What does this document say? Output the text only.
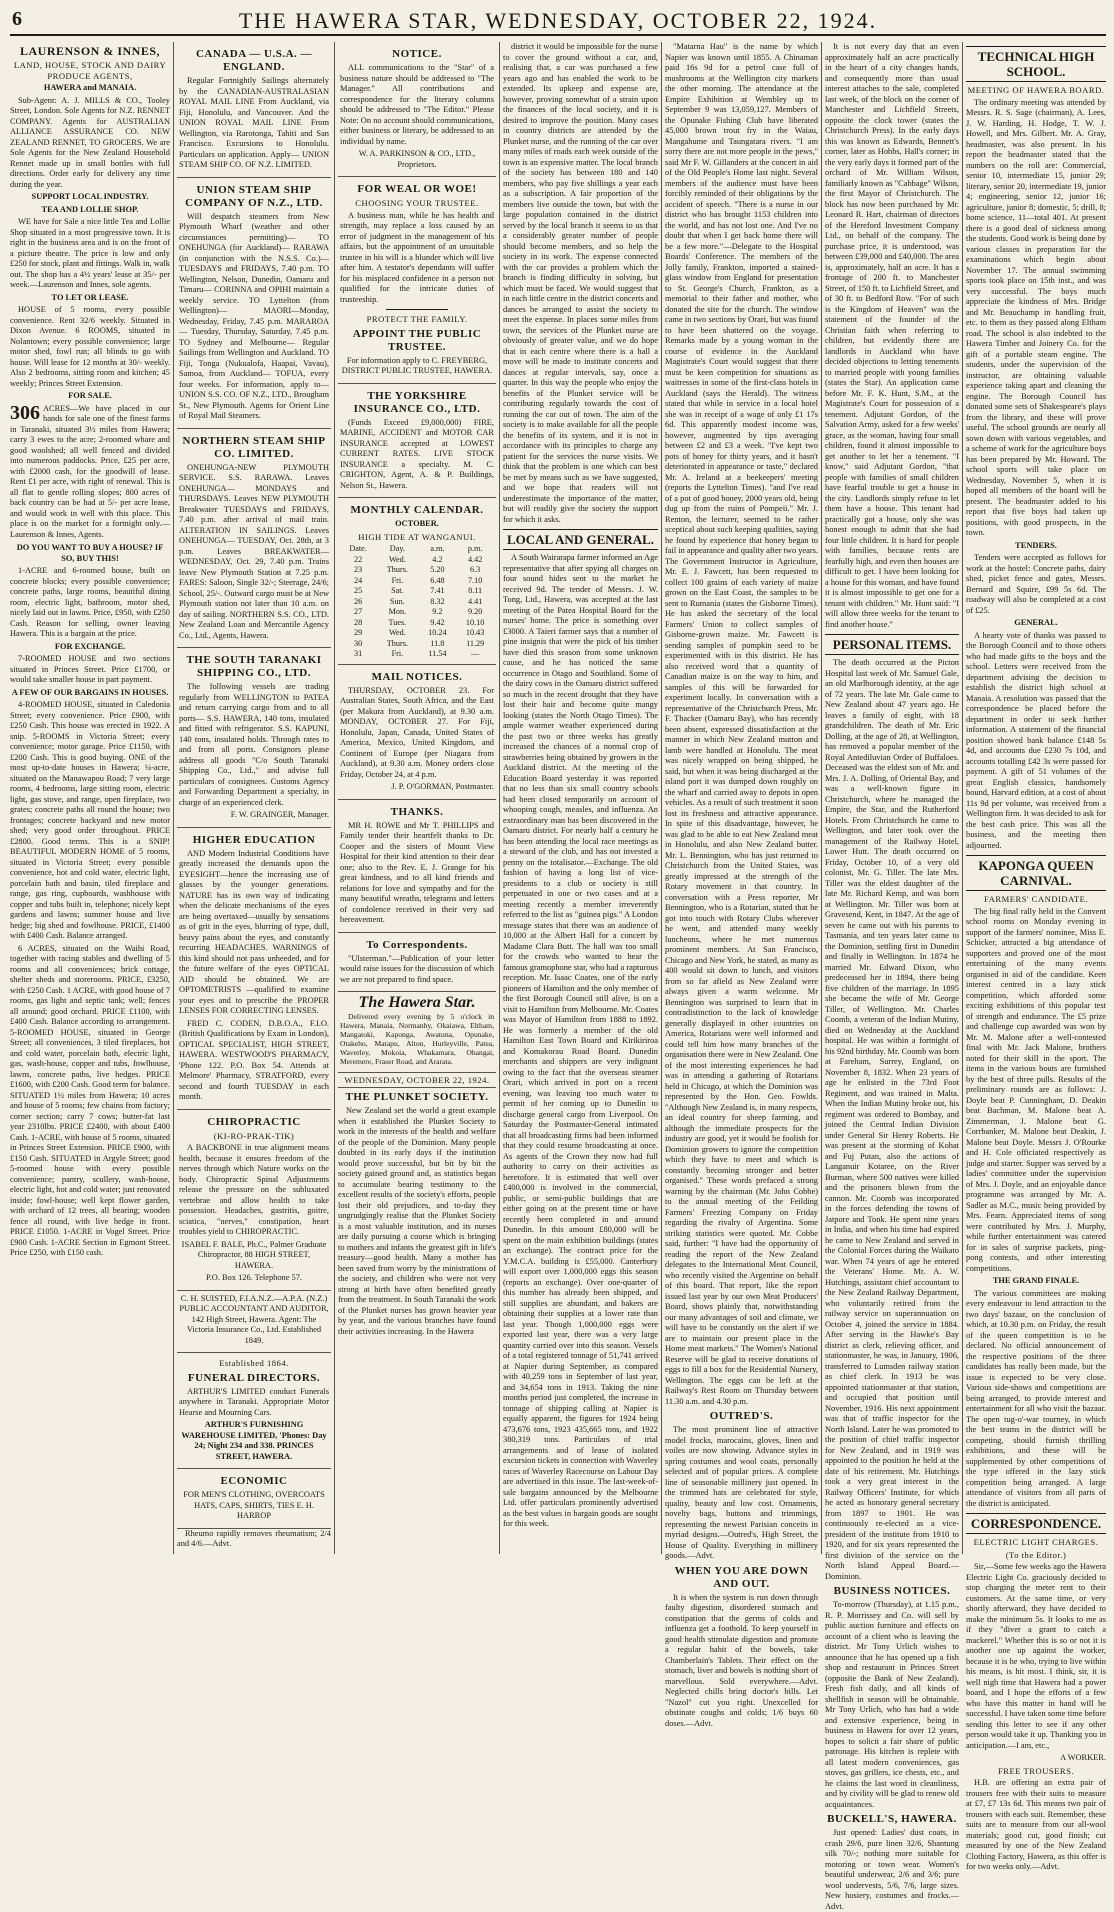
6	THE HAWERA STAR, WEDNESDAY, OCTOBER 22, 1924.
LAURENSON & INNES,
LAND, HOUSE, STOCK AND DAIRY PRODUCE AGENTS,
HAWERA and MANAIA.

Sub-Agent: A. J. MILLS & CO., Tooley Street, London. Sole Agents for N.Z. RENNET COMPANY. Agents for AUSTRALIAN ALLIANCE ASSURANCE CO. NEW ZEALAND RENNET, TO GROCERS. We are Sole Agents for the New Zealand Household Rennet made up in small bottles with full directions. Order early for delivery any time during the year.

SUPPORT LOCAL INDUSTRY.
TEA AND LOLLIE SHOP.

WE have for Sale a nice little Tea and Lollie Shop situated in a most progressive town. It is right in the business area and is on the front of a picture theatre. The price is low and only £250 for stock, plant and fittings. Walk in, walk out. The shop has a 4½ years' lease at 35/- per week.—Laurenson and Innes, sole agents.

TO LET OR LEASE.

HOUSE of 5 rooms, every possible convenience. Rent 32/6 weekly. Situated in Dixon Avenue. 6 ROOMS, situated in Nolantown; every possible convenience; large motor shed, fowl run; all blinds to go with house. Will lease for 12 months at 30/- weekly. Also 2 bedrooms, sitting room and kitchen; 45 weekly; Princes Street Extension.

FOR SALE.
306 ACRES—We have placed in our hands for sale one of the finest farms in Taranaki, situated 3½ miles from Hawera; carry 3 ewes to the acre; 2-roomed whare and good woolshed; all well fenced and divided into numerous paddocks. Price, £25 per acre, with £2000 cash, for the goodwill of lease. Rent £1 per acre, with right of renewal. This is all flat to gentle rolling slopes; 800 acres of back country can be had at 5/- per acre lease, and would work in well with this place. This place is on the market for a fortnight only.—Laurenson & Innes, Agents.
DO YOU WANT TO BUY A HOUSE? IF SO, BUY THIS!

1-ACRE and 6-roomed house, built on concrete blocks; every possible convenience; concrete paths, large rooms, beautiful dining room, electric light, bathroom, motor shed, nicely laid out in lawns. Price, £950, with £250 Cash. Reason for selling, owner leaving Hawera. This is a bargain at the price.

FOR EXCHANGE.

7-ROOMED HOUSE and two sections situated in Princes Street. Price £1700, or would take smaller house in part payment.

A FEW OF OUR BARGAINS IN HOUSES.

4-ROOMED HOUSE, situated in Caledonia Street; every convenience. Price £900, with £250 Cash. This house was erected in 1922. A snip. 5-ROOMS in Victoria Street; every convenience; motor garage. Price £1150, with £200 Cash. This is good buying. ONE of the most up-to-date houses in Hawera; ¼-acre, situated on the Manawapou Road; 7 very large rooms, 4 bedrooms, large sitting room, electric light, gas stove, and range, open fireplace, two grates; concrete paths all round the house; two frontages; concrete backyard and new motor shed; very good order throughout. PRICE £2800. Good terms. This is a SNIP! BEAUTIFUL MODERN HOME of 5 rooms, situated in Victoria Street; every possible convenience, hot and cold water, electric light, porcelain bath and basin, tiled fireplace and range, gas ring, cupboards, washhouse with copper and tubs built in, telephone; nicely kept gardens and lawns; summer house and live hedge; big shed and fowlhouse. PRICE, £1400 with £400 Cash. Balance arranged.

6 ACRES, situated on the Waihi Road, together with racing stables and dwelling of 5 rooms and all conveniences; brick cottage, shelter sheds and storerooms. PRICE, £3250, with £250 Cash. 1 ACRE, with good house of 7 rooms, gas light and septic tank; well; fences all around; good orchard. PRICE £1100, with £400 Cash. Balance according to arrangement. 5-ROOMED HOUSE, situated in George Street; all conveniences, 3 tiled fireplaces, hot and cold water, porcelain bath, electric light, gas, wash-house, copper and tubs, fowlhouse, lawns, concrete paths, live hedges. PRICE £1600, with £200 Cash. Good term for balance. SITUATED 1½ miles from Hawera; 10 acres and house of 5 rooms; few chains from factory; corner section; carry 7 cows; butter-fat last year 2310lbs. PRICE £2400, with about £400 Cash. 1-ACRE, with house of 5 rooms, situated in Princes Street Extension. PRICE £900, with £150 Cash. SITUATED in Argyle Street; good 5-roomed house with every possible convenience; pantry, scullery, wash-house, electric light, hot and cold water; just renovated inside; fowl-house; well kept flower garden, with orchard of 12 trees, all bearing; wooden fence all round, with live hedge in front. PRICE £1050. 1-ACRE in Vogel Street. Price £900 Cash. 1-ACRE Section in Egmont Street. Price £250, with £150 cash.

CANADA — U.S.A. — ENGLAND.

Regular Fortnightly Sailings alternately by the CANADIAN-AUSTRALASIAN ROYAL MAIL LINE From Auckland, via Fiji, Honolulu, and Vancouver. And the UNION ROYAL MAIL LINE From Wellington, via Rarotonga, Tahiti and San Francisco. Excursions to Honolulu. Particulars on application. Apply— UNION STEAM SHIP CO. OF N.Z. LIMITED.

UNION STEAM SHIP COMPANY OF N.Z., LTD.

Will despatch steamers from New Plymouth Wharf (weather and other circumstances permitting)— TO ONEHUNGA (for Auckland)— RARAWA (in conjunction with the N.S.S. Co.)— TUESDAYS and FRIDAYS, 7.40 p.m. TO Wellington, Nelson, Dunedin, Oamaru and Timaru— CORINNA and OPIHI maintain a weekly service. TO Lyttelton (from Wellington)— MAORI—Monday, Wednesday, Friday, 7.45 p.m. MARAROA — Tuesday, Thursday, Saturday, 7.45 p.m. TO Sydney and Melbourne— Regular Sailings from Wellington and Auckland. TO Fiji, Tonga (Nukualofa, Haapai, Vavau), Samoa, from Auckland— TOFUA, every four weeks. For information, apply to— UNION S.S. CO. OF N.Z., LTD., Brougham St., New Plymouth. Agents for Orient Line of Royal Mail Steamers.

NORTHERN STEAM SHIP CO. LIMITED.

ONEHUNGA-NEW PLYMOUTH SERVICE. S.S. RARAWA. Leaves ONEHUNGA— MONDAYS and THURSDAYS. Leaves NEW PLYMOUTH Breakwater TUESDAYS and FRIDAYS, 7.40 p.m. after arrival of mail train. ALTERATION IN SAILINGS. Leaves ONEHUNGA— TUESDAY, Oct. 28th, at 3 p.m. Leaves BREAKWATER— WEDNESDAY, Oct. 29, 7.40 p.m. Trains leave New Plymouth Station at 7.25 p.m. FARES: Saloon, Single 32/-; Steerage, 24/6; School, 25/-. Outward cargo must be at New Plymouth station not later than 10 a.m. on day of sailing. NORTHERN S.S. CO., LTD. New Zealand Loan and Mercantile Agency Co., Ltd., Agents, Hawera.

THE SOUTH TARANAKI SHIPPING CO., LTD.

The following vessels are trading regularly from WELLINGTON to PATEA and return carrying cargo from and to all ports— S.S. HAWERA, 140 tons, insulated and fitted with refrigerator. S.S. KAPUNI, 140 tons, insulated holds. Through rates to and from all ports. Consignors please address all goods "C/o South Taranaki Shipping Co., Ltd.," and advise full particulars of consignees. Customs Agency and Forwarding Department a specialty, in charge of an experienced clerk.

F. W. GRAINGER, Manager.

HIGHER EDUCATION

AND Modern Industrial Conditions have greatly increased the demands upon the EYESIGHT—hence the increasing use of glasses by the younger generations. NATURE has its own way of indicating when the delicate mechanisms of the eyes are being overtaxed—usually by sensations as of grit in the eyes, blurring of type, dull, heavy pains about the eyes, and constantly recurring HEADACHES. WARNINGS of this kind should not pass unheeded, and for the future welfare of the eyes OPTICAL AID should be obtained. We are OPTOMETRISTS —qualified to examine your eyes and to prescribe the PROPER LENSES FOR CORRECTING LENSES.

FRED C. CODEN, D.B.O.A., F.I.O. (British Qualifications by Exam in London), OPTICAL SPECIALIST, HIGH STREET, HAWERA. WESTWOOD'S PHARMACY, 'Phone 122. P.O. Box 54. Attends at Melmore' Pharmacy, STRATFORD, every second and fourth TUESDAY in each month.

CHIROPRACTIC
(KI-RO-PRAK-TIK)

A BACKBONE in true alignment means health, because it ensures freedom of the nerves through which Nature works on the body. Chiropractic Spinal Adjustments release the pressure on the subluxated vertebrae and allow health to take possession. Headaches, gastritis, goitre, sciatica, "nerves," constipation, heart troubles yield to CHIROPRACTIC.

ISABEL F. BALE, Ph.C., Palmer Graduate Chiropractor, 88 HIGH STREET, HAWERA.

P.O. Box 126. Telephone 57.

C. H. SUISTED, F.I.A.N.Z.—A.P.A. (N.Z.) PUBLIC ACCOUNTANT AND AUDITOR, 142 High Street, Hawera. Agent: The Victoria Insurance Co., Ltd. Established 1849.

Established 1864.
FUNERAL DIRECTORS.

ARTHUR'S LIMITED conduct Funerals anywhere in Taranaki. Appropriate Motor Hearse and Mourning Cars.

ARTHUR'S FURNISHING WAREHOUSE LIMITED, 'Phones: Day 24; Night 234 and 338. PRINCES STREET, HAWERA.

ECONOMIC

FOR MEN'S CLOTHING, OVERCOATS HATS, CAPS, SHIRTS, TIES E. H. HARROP

Rheumo rapidly removes rheumatism; 2/4 and 4/6.—Advt.

NOTICE.

ALL communications to the "Star" of a business nature should be addressed to "The Manager." All contributions and correspondence for the literary columns should be addressed to "The Editor." Please Note: On no account should communications, either business or literary, be addressed to an individual by name.

W. A. PARKINSON & CO., LTD., Proprietors.

FOR WEAL OR WOE!
CHOOSING YOUR TRUSTEE.

A business man, while he has health and strength, may replace a loss caused by an error of judgment in the management of his affairs, but the appointment of an unsuitable trustee in his will is a blunder which will live after him. A testator's dependants will suffer for his misplaced confidence in a person not qualified for the intricate duties of trusteeship.

PROTECT THE FAMILY.
APPOINT THE PUBLIC TRUSTEE.

For information apply to C. FREYBERG, DISTRICT PUBLIC TRUSTEE, HAWERA.

THE YORKSHIRE INSURANCE CO., LTD.

(Funds Exceed £9,000,000) FIRE, MARINE, ACCIDENT and MOTOR CAR INSURANCE accepted at LOWEST CURRENT RATES. LIVE STOCK INSURANCE a specialty. M. C. CRIGHTON, Agent, A. & P. Buildings, Nelson St., Hawera.

MONTHLY CALENDAR.
OCTOBER.
HIGH TIDE AT WANGANUI.
Date.	Day.	a.m.	p.m.
22	Wed.	4.2	4.42
23	Thurs.	5.20	6.3
24	Fri.	6.48	7.10
25	Sat.	7.41	8.11
26	Sun.	8.32	4.41
27	Mon.	9.2	9.20
28	Tues.	9.42	10.10
29	Wed.	10.24	10.43
30	Thurs.	11.8	11.29
31	Fri.	11.54	—
MAIL NOTICES.

THURSDAY, OCTOBER 23. For Australian States, South Africa, and the East (per Makura from Auckland), at 9.30 a.m. MONDAY, OCTOBER 27. For Fiji, Honolulu, Japan, Canada, United States of America, Mexico, United Kingdom, and Continent of Europe (per Niagara from Auckland), at 9.30 a.m. Money orders close Friday, October 24, at 4 p.m.

J. P. O'GORMAN, Postmaster.

THANKS.

MR H. ROWE and Mr T. PHILLIPS and Family tender their heartfelt thanks to Dr. Cooper and the sisters of Mount View Hospital for their kind attention to their dear one; also to the Rev. E. J. Grange for his great kindness, and to all kind friends and relations for love and sympathy and for the many beautiful wreaths, telegrams and letters of condolence received in their very sad bereavement.

To Correspondents.

"Ulsterman."—Publication of your letter would raise issues for the discussion of which we are not prepared to find space.

The Hawera Star.

Delivered every evening by 5 o'clock in Hawera, Manaia, Normanby, Okaiawa, Eltham, Mangatoki, Kaponga, Awatuna, Opunake, Otakeho, Matapu, Alton, Hurleyville, Patea, Waverley, Mokoia, Whakamara, Ohangai, Meremere, Fraser Road, and Ararata.

WEDNESDAY, OCTOBER 22, 1924.
THE PLUNKET SOCIETY.

New Zealand set the world a great example when it established the Plunket Society to work in the interests of the health and welfare of the people of the Dominion. Many people doubted in its early days if the institution would prove successful, but bit by bit the society gained ground and, as statistics began to accumulate bearing testimony to the excellent results of the society's efforts, people lost their old prejudices, and to-day they ungrudgingly realise that the Plunket Society is a most valuable institution, and its nurses are daily pursuing a course which is bringing to mothers and infants the greatest gift in life's treasury—good health. Many a mother has been saved from worry by the ministrations of the society, and children who were not very strong at birth have often benefited greatly from the treatment. In South Taranaki the work of the Plunket nurses has grown heavier year by year, and the various branches have found their activities increasing. In the Hawera

district it would be impossible for the nurse to cover the ground without a car, and, realising that, a car was purchased a few years ago and has enabled the work to be extended. Its upkeep and expense are, however, proving somewhat of a strain upon the finances of the local society, and it is desired to improve the position. Many cases in country districts are attended by the Plunket nurse, and the running of the car over many miles of roads each week outside of the town is an expensive matter. The local branch of the society has between 180 and 140 members, who pay five shillings a year each as a subscription. A fair proportion of the members live outside the town, but with the large population contained in the district served by the local branch it seems to us that a considerably greater number of people should become members, and so help the society in its work. The expense connected with the car provides a problem which the branch is finding difficulty in solving, but which must be faced. We would suggest that in each little centre in the district concerts and dances be arranged to assist the society to meet the expense. In places some miles from town, the services of the Plunket nurse are obviously of greater value, and we do hope that in each centre where there is a hall a move will be made to institute concerts and dances at regular intervals, say, once a quarter. In this way the people who enjoy the benefits of the Plunket service will be contributing regularly towards the cost of running the car out of town. The aim of the society is to make available for all the people the benefits of its system, and it is not in accordance with its principles to charge any patient for the services the nurse visits. We think that the problem is one which can best be met by means such as we have suggested, and we hope that readers will not underestimate the importance of the matter, but will readily give the society the support for which it asks.

LOCAL AND GENERAL.

A South Wairarapa farmer informed an Age representative that after spying all charges on four sound hides sent to the market he received 9d. The tender of Messrs. J. W. Tong, Ltd., Hawera, was accepted at the last meeting of the Patea Hospital Board for the nurses' home. The price is something over £3000. A Taieri farmer says that a number of pine insignis that were the pick of his timber have died this season from some unknown cause, and he has noticed the same occurrence in Otago and Southland. Some of the dairy cows in the Oamaru district suffered so much in the recent drought that they have lost their hair and become quite mangy looking (states the North Otago Times). The ample warmer weather experienced during the past two or three weeks has greatly increased the chances of a normal crop of strawberries being obtained by growers in the Auckland district. At the meeting of the Education Board yesterday it was reported that no less than six small country schools had been closed temporarily on account of whooping cough, measles, and influenza. An extraordinary man has been discovered in the Oamaru district. For nearly half a century he has been attending the local race meetings as a steward of the club, and has not invested a penny on the totalisator.—Exchange. The old fashion of having a long list of vice-presidents to a club or society is still perpetuated in one or two cases and at a meeting recently a member irreverently referred to the list as "guinea pigs." A London message states that there was an audience of 10,000 at the Albert Hall for a concert by Madame Clara Butt. The hall was too small for the crowds who wanted to hear the famous gramophone star, who had a rapturous reception. Mr. Isaac Coates, one of the early pioneers of Hamilton and the only member of the first Borough Council still alive, is on a visit to Hamilton from Melbourne. Mr. Coates was Mayor of Hamilton from 1888 to 1892. He was formerly a member of the old Hamilton East Town Board and Kirikiriroa and Komakorau Road Board. Dunedin merchants and shippers are very indignant owing to the fact that the overseas steamer Orari, which arrived in port on a recent evening, was leaving too much water to permit of her coming up to Dunedin to discharge general cargo from Liverpool. On Saturday the Postmaster-General intimated that all broadcasting firms had been informed that they could resume broadcasting at once. As agents of the Crown they now had full authority to carry on their activities as heretofore. It is estimated that well over £400,000 is involved in the commercial, public, or semi-public buildings that are either going on at the present time or have recently been completed in and around Dunedin. In this amount £80,000 will be spent on the main exhibition buildings (states an exchange). The contract price for the Y.M.C.A. building is £55,000. Canterbury will export over 1,000,000 eggs this season (reports an exchange). Over one-quarter of this number has already been shipped, and still supplies are abundant, and bakers are obtaining their supplies at a lower rate than last year. Though 1,000,000 eggs were exported last year, there was a very large quantity carried over into this season. Vessels of a total registered tonnage of 51,741 arrived at Napier during September, as compared with 40,259 tons in September of last year, and 34,654 tons in 1913. Taking the nine months period just completed, the increase in tonnage of shipping calling at Napier is equally apparent, the figures for 1924 being 473,676 tons, 1923 435,665 tons, and 1922 380,319 tons. Particulars of trial arrangements and of lease of isolated excursion tickets in connection with Waverley races of Waverley Racecourse on Labour Day are advertised in this issue. The last-week-of-sale bargains announced by the Melbourne Ltd. offer particulars prominently advertised as the best values in bargain goods are sought for this week.

"Matarna Hau" is the name by which Napier was known until 1855. A Chinaman paid 16s 9d for a petrol case full of mushrooms at the Wellington city markets the other morning. The attendance at the Empire Exhibition at Wembley up to September 9 was 13,059,127. Members of the Opunake Fishing Club have liberated 45,000 brown trout fry in the Waiau, Mangahume and Taungatara rivers. "I am sorry there are not more people in the pews," said Mr F. W. Gillanders at the concert in aid of the Old People's Home last night. Several members of the audience must have been forcibly reminded of their obligations by the accident of speech. "There is a nurse in our district who has brought 1153 children into the world, and has not lost one. And I've no doubt that when I get back home there will be a few more."—Delegate to the Hospital Boards' Conference. The members of the Jolly family, Frankton, imported a stained-glass window from England for presentation to St. George's Church, Frankton, as a memorial to their father and mother, who donated the site for the church. The window came in two sections by Orari, but was found to have been shattered on the voyage. Remarks made by a young woman in the course of evidence in the Auckland Magistrate's Court would suggest that there must be keen competition for situations as waitresses in some of the first-class hotels in Auckland (says the Herald). The witness stated that while in service in a local hotel she was in receipt of a wage of only £1 17s 6d. This apparently modest income was, however, augmented by tips averaging between £2 and £3 a week. "I've kept two pots of honey for thirty years, and it hasn't deteriorated in appearance or taste," declared Mr. A. Ireland at a beekeepers' meeting (reports the Lyttelton Times). "and I've read of a pot of good honey, 2000 years old, being dug up from the ruins of Pompeii." Mr. J. Renton, the lecturer, seemed to be rather sceptical about such keeping qualities, saying he found by experience that honey began to fail in appearance and quality after two years. The Government Instructor in Agriculture, Mr. E. J. Fawcett, has been requested to collect 100 grains of each variety of maize grown on the East Coast, the samples to be sent to Rumania (states the Gisborne Times). He has asked the secretary of the local Farmers' Union to collect samples of Gisborne-grown maize. Mr. Fawcett is sending samples of pumpkin seed to be experimented with in this district. He has also received word that a quantity of Canadian maize is on the way to him, and samples of this will be forwarded for experiment locally. In conversation with a representative of the Christchurch Press, Mr. F. Thacker (Oamaru Bay), who has recently been absent, expressed dissatisfaction at the manner in which New Zealand mutton and lamb were handled at Honolulu. The meat was nicely wrapped on being shipped, he said, but when it was being discharged at the island port it was dumped down roughly on the wharf and carried away to depots in open vehicles. As a result of such treatment it soon lost its freshness and attractive appearance. In spite of this disadvantage, however, he was glad to be able to eat New Zealand meat in Honolulu, and also New Zealand butter. Mr. L. Bennington, who has just returned to Christchurch from the United States, was greatly impressed at the strength of the Rotary movement in that country. In conversation with a Press reporter, Mr Bennington, who is a Rotarian, stated that he got into touch with Rotary Clubs wherever he went, and attended many weekly luncheons, where he met numerous prominent members. At San Francisco, Chicago and New York, he stated, as many as 400 would sit down to lunch, and visitors from so far afield as New Zealand were always given a warm welcome. Mr Bennington was surprised to learn that in contradistinction to the lack of knowledge generally displayed in other countries on America, Rotarians were well informed and could tell him how many branches of the organisation there were in New Zealand. One of the most interesting experiences he had was in attending a gathering of Rotarians held in Chicago, at which the Dominion was represented by the Hon. Geo. Fowlds. "Although New Zealand is, in many respects, an ideal country for sheep farming, and although the immediate prospects for the industry are good, yet it would be foolish for Dominion growers to ignore the competition which they have to meet and which is constantly becoming stronger and better organised." These words prefaced a strong warning by the chairman (Mr. John Cobbe) to the annual meeting of the Feilding Farmers' Freezing Company on Friday regarding the rivalry of Argentina. Some striking statistics were quoted. Mr. Cobbe said, further: "I have had the opportunity of reading the report of the New Zealand delegates to the International Meat Council, who recently visited the Argentine on behalf of this board. That report, like the report issued last year by our own Meat Producers' Board, shows plainly that, notwithstanding our many advantages of soil and climate, we will have to be constantly on the alert if we are to maintain our present place in the Home meat markets." The Women's National Reserve will be glad to receive donations of eggs to fill a box for the Residential Nursery, Wellington. The eggs can be left at the Railway's Rest Room on Thursday between 11.30 a.m. and 4.30 p.m.

OUTRED'S.

The most prominent line of attractive model frocks, marocains, gloves, linen and voiles are now showing. Advance styles in spring costumes and wool coats, personally selected and of popular prices. A complete line of seasonable millinery just opened. In the trimmed hats are celebrated for style, quality, beauty and low cost. Ornaments, novelty bags, buttons and trimmings, representing the newest Parisian conceits in myriad designs.—Outred's, High Street, the House of Quality. Everything in millinery goods.—Advt.

WHEN YOU ARE DOWN AND OUT.

It is when the system is run down through faulty digestion, disordered stomach and constipation that the germs of colds and influenza get a foothold. To keep yourself in good health stimulate digestion and promote a regular habit of the bowels, take Chamberlain's Tablets. Their effect on the stomach, liver and bowels is nothing short of marvellous. Sold everywhere.—Advt. Neglected chills bring doctor's bills. Let "Nazol" cut you right. Unexcelled for obstinate coughs and colds; 1/6 buys 60 doses.—Advt.

It is not every day that an even approximately half an acre practically in the heart of a city changes hands, and consequently more than usual interest attaches to the sale, completed last week, of the block on the corner of Manchester and Lichfield Streets, opposite the clock tower (states the Christchurch Press). In the early days this was known as Edwards, Bennett's corner, later as Hobbs, Hall's corner; in the very early days it formed part of the orchard of Mr. William Wilson, familiarly known as "Cabbage" Wilson, the first Mayor of Christchurch. The block has now been purchased by Mr. Leonard R. Hart, chairman of directors of the Hereford Investment Company Ltd., on behalf of the company. The purchase price, it is understood, was between £39,000 and £40,000. The area is, approximately, half an acre. It has a frontage of 200 ft. to Manchester Street, of 150 ft. to Lichfield Street, and of 30 ft. to Bedford Row. "For of such is the Kingdom of Heaven" was the statement of the founder of the Christian faith when referring to children, but evidently there are landlords in Auckland who have decided objections to letting tenements to married people with young families (states the Star). An application came before Mr. F. K. Hunt, S.M., at the Magistrate's Court for possession of a tenement. Adjutant Gordon, of the Salvation Army, asked for a few weeks' grace, as the woman, having four small children, found it almost impossible to get another to let her a tenement. "I know," said Adjutant Gordon, "that people with families of small children have fearful trouble to get a house in the city. Landlords simply refuse to let them have a house. This tenant had practically got a house, only she was honest enough to admit that she had four little children. It is hard for people with families, because rents are fearfully high, and even then houses are difficult to get. I have been looking for a house for this woman, and have found it is almost impossible to get one for a tenant with children." Mr. Hunt said: "I will allow three weeks for the tenant to find another house."

PERSONAL ITEMS.

The death occurred at the Picton Hospital last week of Mr. Samuel Gale, an old Marlborough identity, at the age of 72 years. The late Mr. Gale came to New Zealand about 47 years ago. He leaves a family of eight, with 18 grandchildren. The death of Mr. Eric Dolling, at the age of 28, at Wellington, has removed a popular member of the Royal Antediluvian Order of Buffaloes. Deceased was the eldest son of Mr. and Mrs. J. A. Dolling, of Oriental Bay, and was a well-known figure in Christchurch, where he managed the Empire, the Star, and the Rutherford Hotels. From Christchurch he came to Wellington, and later took over the management of the Railway Hotel, Lower Hutt. The death occurred on Friday, October 10, of a very old colonist, Mr. G. Tiller. The late Mrs. Tiller was the eldest daughter of the late Mr. Richard Kemp, and was born at Wellington. Mr. Tiller was born at Gravesend, Kent, in 1847. At the age of seven he came out with his parents to Tasmania, and ten years later came to the Dominion, settling first in Dunedin and finally in Wellington. In 1874 he married Mr. Edward Dixon, who predeceased her in 1894, there being five children of the marriage. In 1895 she became the wife of Mr. George Tiller, of Wellington. Mr. Charles Coomb, a veteran of the Indian Mutiny, died on Wednesday at the Auckland hospital. He was within a fortnight of his 92nd birthday. Mr. Coomb was born at Fareham, Surrey, England, on November 8, 1832. When 23 years of age he enlisted in the 73rd Foot Regiment, and was trained in Malta. When the Indian Mutiny broke out, his regiment was ordered to Bombay, and joined the Central Indian Division under General Sir Henry Roberts. He was present at the storming of Kohat and Fuj Putan, also the actions of Langanuir Kotaree, on the River Burman, where 500 natives were killed and the prisoners blown from the cannon. Mr. Coomb was incorporated in the forces defending the towns of Jatpore and Tonk. He spent nine years in India, and when his time had expired he came to New Zealand and served in the Colonial Forces during the Waikato war. When 74 years of age he entered the Veterans' Home. Mr. A. W. Hutchings, assistant chief accountant to the New Zealand Railway Department, who voluntarily retired from the railway service on superannuation on October 4, joined the service in 1884. After serving in the Hawke's Bay district as clerk, relieving officer, and stationmaster, he was, in January, 1906, transferred to Lumsden railway station as chief clerk. In 1913 he was appointed stationmaster at that station, and occupied that position until November, 1916. His next appointment was that of traffic inspector for the North Island. Later he was promoted to the position of chief traffic inspector for New Zealand, and in 1919 was appointed to the position he held at the date of his retirement. Mr. Hutchings took a very great interest in the Railway Officers' Institute, for which he acted as honorary general secretary from 1897 to 1901. He was continuously re-elected as a vice-president of the institute from 1910 to 1920, and for six years represented the first division of the service on the North Island Appeal Board.—Dominion.

BUSINESS NOTICES.

To-morrow (Thursday), at 1.15 p.m., R. P. Morrissey and Co. will sell by public auction furniture and effects on account of a client who is leaving the district. Mr Tony Urlich wishes to announce that he has opened up a fish shop and restaurant in Princes Street (opposite the Bank of New Zealand). Fresh fish daily, and all kinds of shellfish in season will be obtainable. Mr Tony Urlich, who has had a wide and extensive experience, being in business in Hawera for over 12 years, hopes to solicit a fair share of public patronage. His kitchen is replete with all latest modern conveniences, gas stoves, gas grillers, ice chests, etc., and he claims the last word in cleanliness, and by civility will be glad to renew old acquaintances.

BUCKELL'S, HAWERA.

Just opened: Ladies' dust coats, in crash 29/6, pure linen 32/6, Shantung silk 70/-; nothing more suitable for motoring or town wear. Women's beautiful underwear, 2/6 and 3/6; pure wool undervests, 5/6, 7/6, large sizes. New hosiery, costumes and frocks.—Advt.

TECHNICAL HIGH SCHOOL.
MEETING OF HAWERA BOARD.

The ordinary meeting was attended by Messrs. R. S. Sage (chairman), A. Lees, J. W. Harding, H. Hodge, T. W. J. Howell, and Mrs. Gilbert. Mr. A. Gray, headmaster, was also present. In his report the headmaster stated that the numbers on the roll are: Commercial, senior 10, intermediate 15, junior 29; literary, senior 20, intermediate 19, junior 4; engineering, senior 12, junior 16; agriculture, junior 8; domestic, 5; drill, 8; home science, 11—total 401. At present there is a good deal of sickness among the students. Good work is being done by various classes in preparation for the examinations which begin about November 17. The annual swimming sports took place on 15th inst., and was very successful. The boys much appreciate the kindness of Mrs. Bridge and Mr. Beauchamp in handling fruit, etc. to them as they passed along Eltham road. The school is also indebted to the Hawera Timber and Joinery Co. for the gift of a portable steam engine. The students, under the supervision of the instructor, are obtaining valuable experience taking apart and cleaning the engine. The Borough Council has donated some sets of Shakespeare's plays from the library, and these will prove useful. The school grounds are nearly all sown down with various vegetables, and a scheme of work for the agriculture boys has been prepared by Mr. Howard. The school sports will take place on Wednesday, November 5, when it is hoped all members of the board will be present. The headmaster added to his report that five boys had taken up positions, with good prospects, in the town.

TENDERS.

Tenders were accepted as follows for work at the hostel: Concrete paths, dairy shed, picket fence and gates, Messrs. Bernard and Squire, £99 5s 6d. The roadway will also be completed at a cost of £25.

GENERAL.

A hearty vote of thanks was passed to the Borough Council and to those others who had made gifts to the boys and the school. Letters were received from the department advising the decision to establish the district high school at Manaia. A resolution was passed that the correspondence be placed before the department in order to seek further information. A statement of the financial position showed bank balance £148 5s 4d, and accounts due £230 7s 10d, and accounts totalling £42 3s were passed for payment. A gift of 51 volumes of the great English classics, handsomely bound, Harvard edition, at a cost of about 11s 9d per volume, was received from a Wellington firm. It was decided to ask for the best cash price. This was all the business, and the meeting then adjourned.

KAPONGA QUEEN CARNIVAL.
FARMERS' CANDIDATE.

The big final rally held in the Convent school rooms on Monday evening in support of the farmers' nominee, Miss E. Schicker, attracted a big attendance of supporters and proved one of the most entertaining of the many events organised in aid of the candidate. Keen interest centred in a lazy stick competition, which afforded some exciting exhibitions of this popular test of strength and endurance. The £5 prize and challenge cup awarded was won by Mr. M. Malone after a well-contested final with Mr. Jack Malone, brothers noted for their skill in the sport. The items in the various bouts are furnished by the best of three pulls. Results of the preliminary rounds are as follows: J. Doyle beat P. Cunningham, D. Deakin beat Bachman, M. Malone beat A. Zimmerman, J. Malone beat G. Corrbanker, M. Malone beat Deakin, J. Malone beat Doyle. Messrs J. O'Rourke and H. Cole officiated respectively as judge and starter. Supper was served by a ladies' committee under the supervision of Mrs. J. Doyle, and an enjoyable dance programme was arranged by Mr. A. Sadler as M.C., music being provided by Mrs. Fearn. Appreciated items of song were contributed by Mrs. J. Murphy, while further entertainment was catered for in sales of surprise packets, ping-pong contests, and other interesting competitions.

THE GRAND FINALE.

The various committees are making every endeavour to lend attraction to the two days' bazaar, on the conclusion of which, at 10.30 p.m. on Friday, the result of the queen competition is to be declared. No official announcement of the respective positions of the three candidates has really been made, but the issue is expected to be very close. Various side-shows and competitions are being arranged, to provide interest and entertainment for all who visit the bazaar. The open tug-o'-war tourney, in which the best teams in the district will be competing, should furnish thrilling exhibitions, and these will be supplemented by other competitions of the type offered in the lazy stick competition being arranged. A large attendance of visitors from all parts of the district is anticipated.

CORRESPONDENCE.
ELECTRIC LIGHT CHARGES.
(To the Editor.)

Sir,—Some few weeks ago the Hawera Electric Light Co. graciously decided to stop charging the meter rent to their customers. At the same time, or very shortly afterward, they have decided to make the minimum 5s. It looks to me as if they "diver a grant to catch a mackerel." Whether this is so or not it is another one up against the worker, because it is he who, trying to live within his means, is hit most. I think, sir, it is well nigh time that Hawera had a power board, and I hope the efforts of a few who have this matter in hand will be successful. I have taken some time before sending this letter to see if any other person would take it up. Thanking you in anticipation.—I am, etc.,

A WORKER.

FREE TROUSERS.

H.B. are offering an extra pair of trousers free with their suits to measure at £7, £7 13s 6d. This means two pair of trousers with each suit. Remember, these suits are to measure from our all-wool materials; good cut, good finish; cut measured by one of the New Zealand Clothing Factory, Hawera, as this offer is for two weeks only.—Advt.
